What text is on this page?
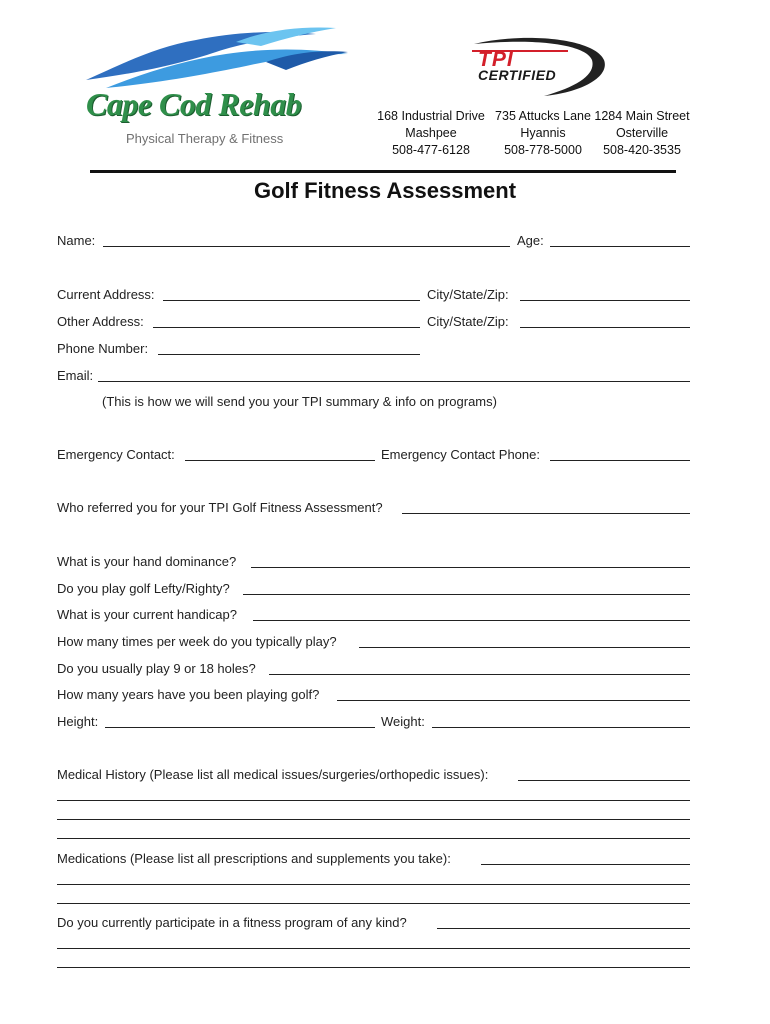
Cape Cod Rehab
Physical Therapy & Fitness
TPI
CERTIFIED
168 Industrial Drive
Mashpee
508-477-6128
735 Attucks Lane
Hyannis
508-778-5000
1284 Main Street
Osterville
508-420-3535
Golf Fitness Assessment
Name:	Age:
Current Address:	City/State/Zip:
Other Address:	City/State/Zip:
Phone Number:
Email:
(This is how we will send you your TPI summary & info on programs)
Emergency Contact:	Emergency Contact Phone:
Who referred you for your TPI Golf Fitness Assessment?
What is your hand dominance?
Do you play golf Lefty/Righty?
What is your current handicap?
How many times per week do you typically play?
Do you usually play 9 or 18 holes?
How many years have you been playing golf?
Height:	Weight:
Medical History (Please list all medical issues/surgeries/orthopedic issues):
Medications (Please list all prescriptions and supplements you take):
Do you currently participate in a fitness program of any kind?
